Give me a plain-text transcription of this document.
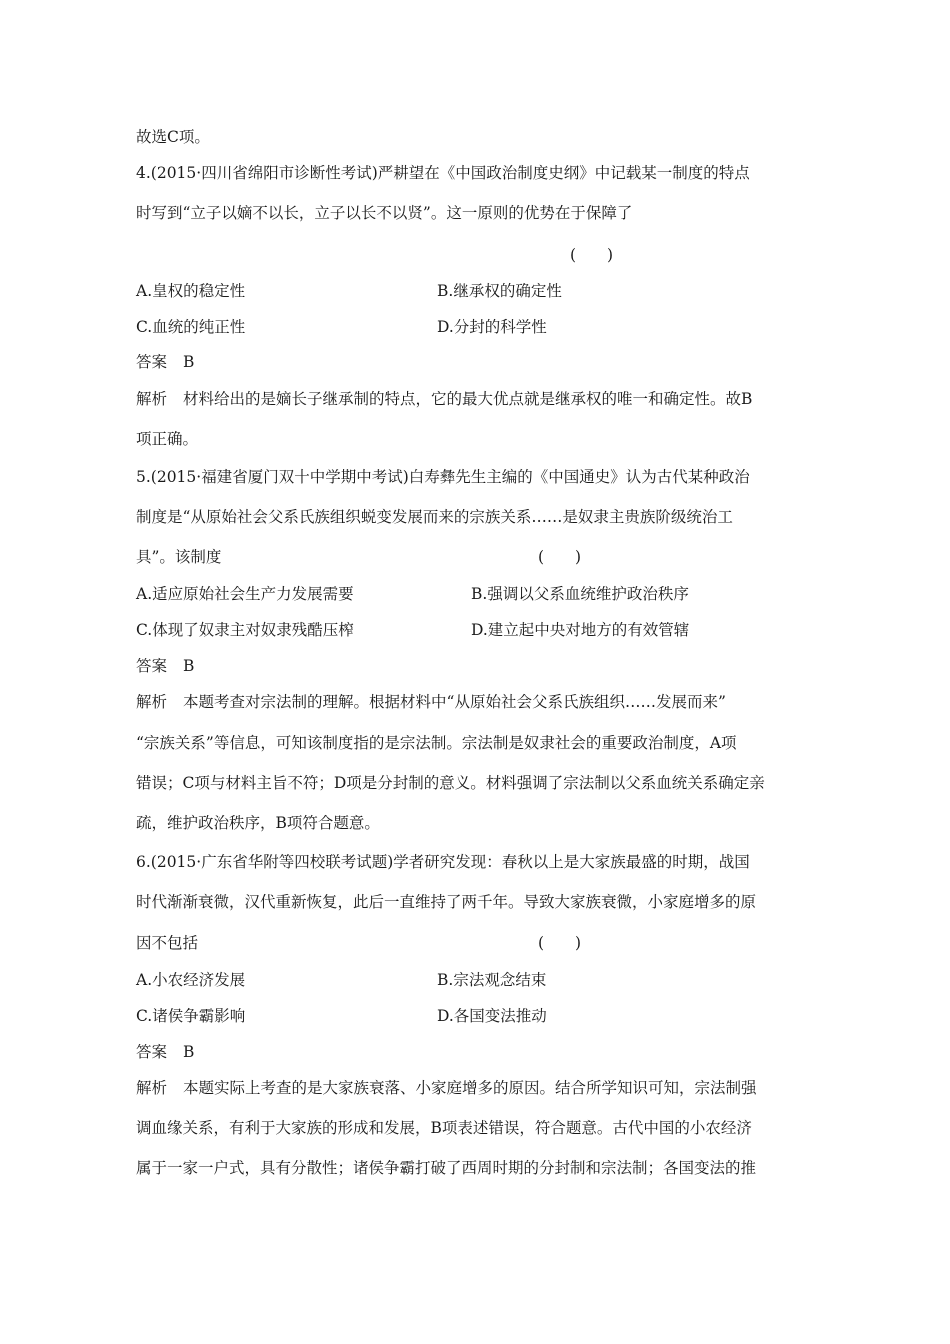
故选C项。
4.(2015·四川省绵阳市诊断性考试)严耕望在《中国政治制度史纲》中记载某一制度的特点
时写到“立子以嫡不以长，立子以长不以贤”。这一原则的优势在于保障了
(　　)
A.皇权的稳定性	B.继承权的确定性
C.血统的纯正性	D.分封的科学性
答案 B
解析 材料给出的是嫡长子继承制的特点，它的最大优点就是继承权的唯一和确定性。故B
项正确。
5.(2015·福建省厦门双十中学期中考试)白寿彝先生主编的《中国通史》认为古代某种政治
制度是“从原始社会父系氏族组织蜕变发展而来的宗族关系……是奴隶主贵族阶级统治工
具”。该制度	(　　)
A.适应原始社会生产力发展需要	B.强调以父系血统维护政治秩序
C.体现了奴隶主对奴隶残酷压榨	D.建立起中央对地方的有效管辖
答案 B
解析 本题考查对宗法制的理解。根据材料中“从原始社会父系氏族组织……发展而来”
“宗族关系”等信息，可知该制度指的是宗法制。宗法制是奴隶社会的重要政治制度，A项
错误；C项与材料主旨不符；D项是分封制的意义。材料强调了宗法制以父系血统关系确定亲
疏，维护政治秩序，B项符合题意。
6.(2015·广东省华附等四校联考试题)学者研究发现：春秋以上是大家族最盛的时期，战国
时代渐渐衰微，汉代重新恢复，此后一直维持了两千年。导致大家族衰微，小家庭增多的原
因不包括	(　　)
A.小农经济发展	B.宗法观念结束
C.诸侯争霸影响	D.各国变法推动
答案 B
解析 本题实际上考查的是大家族衰落、小家庭增多的原因。结合所学知识可知，宗法制强
调血缘关系，有利于大家族的形成和发展，B项表述错误，符合题意。古代中国的小农经济
属于一家一户式，具有分散性；诸侯争霸打破了西周时期的分封制和宗法制；各国变法的推
